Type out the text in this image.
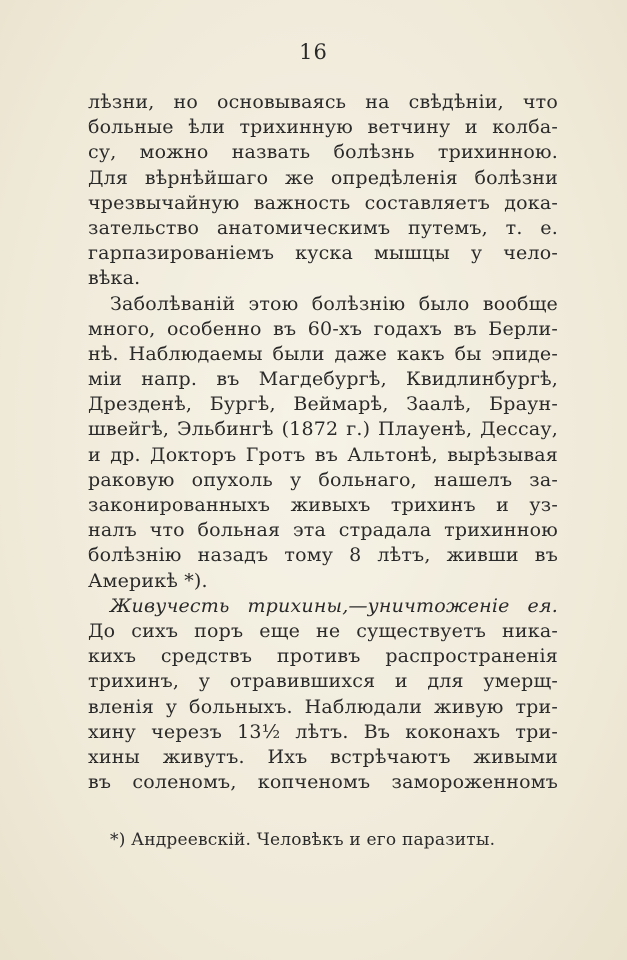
16
лѣзни, но основываясь на свѣдѣніи, что
больные ѣли трихинную ветчину и колба-
су, можно назвать болѣзнь трихинною.
Для вѣрнѣйшаго же опредѣленія болѣзни
чрезвычайную важность составляетъ дока-
зательство анатомическимъ путемъ, т. е.
гарпазированіемъ куска мышцы у чело-
вѣка.
Заболѣваній этою болѣзнію было вообще
много, особенно въ 60-хъ годахъ въ Берли-
нѣ. Наблюдаемы были даже какъ бы эпиде-
міи напр. въ Магдебургѣ, Квидлинбургѣ,
Дрезденѣ, Бургѣ, Веймарѣ, Заалѣ, Браун-
швейгѣ, Эльбингѣ (1872 г.) Плауенѣ, Дессау,
и др. Докторъ Гротъ въ Альтонѣ, вырѣзывая
раковую опухоль у больнаго, нашелъ за-
законированныхъ живыхъ трихинъ и уз-
налъ что больная эта страдала трихинною
болѣзнію назадъ тому 8 лѣтъ, живши въ
Америкѣ *).
Живучесть трихины,—уничтоженіе ея.
До сихъ поръ еще не существуетъ ника-
кихъ средствъ противъ распространенія
трихинъ, у отравившихся и для умерщ-
вленія у больныхъ. Наблюдали живую три-
хину черезъ 13½ лѣтъ. Въ коконахъ три-
хины живутъ. Ихъ встрѣчаютъ живыми
въ соленомъ, копченомъ замороженномъ
*) Андреевскій. Человѣкъ и его паразиты.
